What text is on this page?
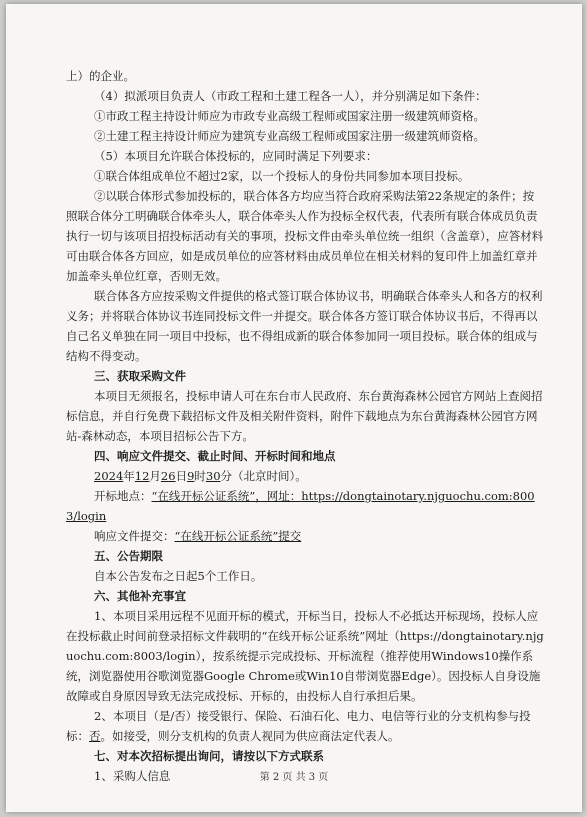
上）的企业。

（4）拟派项目负责人（市政工程和土建工程各一人），并分别满足如下条件：

①市政工程主持设计师应为市政专业高级工程师或国家注册一级建筑师资格。

②土建工程主持设计师应为建筑专业高级工程师或国家注册一级建筑师资格。

（5）本项目允许联合体投标的，应同时满足下列要求：

①联合体组成单位不超过2家，以一个投标人的身份共同参加本项目投标。

②以联合体形式参加投标的，联合体各方均应当符合政府采购法第22条规定的条件；按照联合体分工明确联合体牵头人，联合体牵头人作为投标全权代表，代表所有联合体成员负责执行一切与该项目招投标活动有关的事项，投标文件由牵头单位统一组织（含盖章），应答材料可由联合体各方回应，如是成员单位的应答材料由成员单位在相关材料的复印件上加盖红章并加盖牵头单位红章，否则无效。

联合体各方应按采购文件提供的格式签订联合体协议书，明确联合体牵头人和各方的权利义务；并将联合体协议书连同投标文件一并提交。联合体各方签订联合体协议书后，不得再以自己名义单独在同一项目中投标，也不得组成新的联合体参加同一项目投标。联合体的组成与结构不得变动。

三、获取采购文件

本项目无须报名，投标申请人可在东台市人民政府、东台黄海森林公园官方网站上查阅招标信息，并自行免费下载招标文件及相关附件资料，附件下载地点为东台黄海森林公园官方网站-森林动态，本项目招标公告下方。

四、响应文件提交、截止时间、开标时间和地点

2024年12月26日9时30分（北京时间）。

开标地点：“在线开标公证系统”，网址：https://dongtainotary.njguochu.com:8003/login

响应文件提交：“在线开标公证系统”提交

五、公告期限

自本公告发布之日起5个工作日。

六、其他补充事宜

1、本项目采用远程不见面开标的模式，开标当日，投标人不必抵达开标现场，投标人应在投标截止时间前登录招标文件载明的“在线开标公证系统”网址（https://dongtainotary.njguochu.com:8003/login），按系统提示完成投标、开标流程（推荐使用Windows10操作系统，浏览器使用谷歌浏览器Google Chrome或Win10自带浏览器Edge）。因投标人自身设施故障或自身原因导致无法完成投标、开标的，由投标人自行承担后果。

2、本项目（是/否）接受银行、保险、石油石化、电力、电信等行业的分支机构参与投标：否。如接受，则分支机构的负责人视同为供应商法定代表人。

七、对本次招标提出询问，请按以下方式联系

1、采购人信息	第 2 页 共 3 页
